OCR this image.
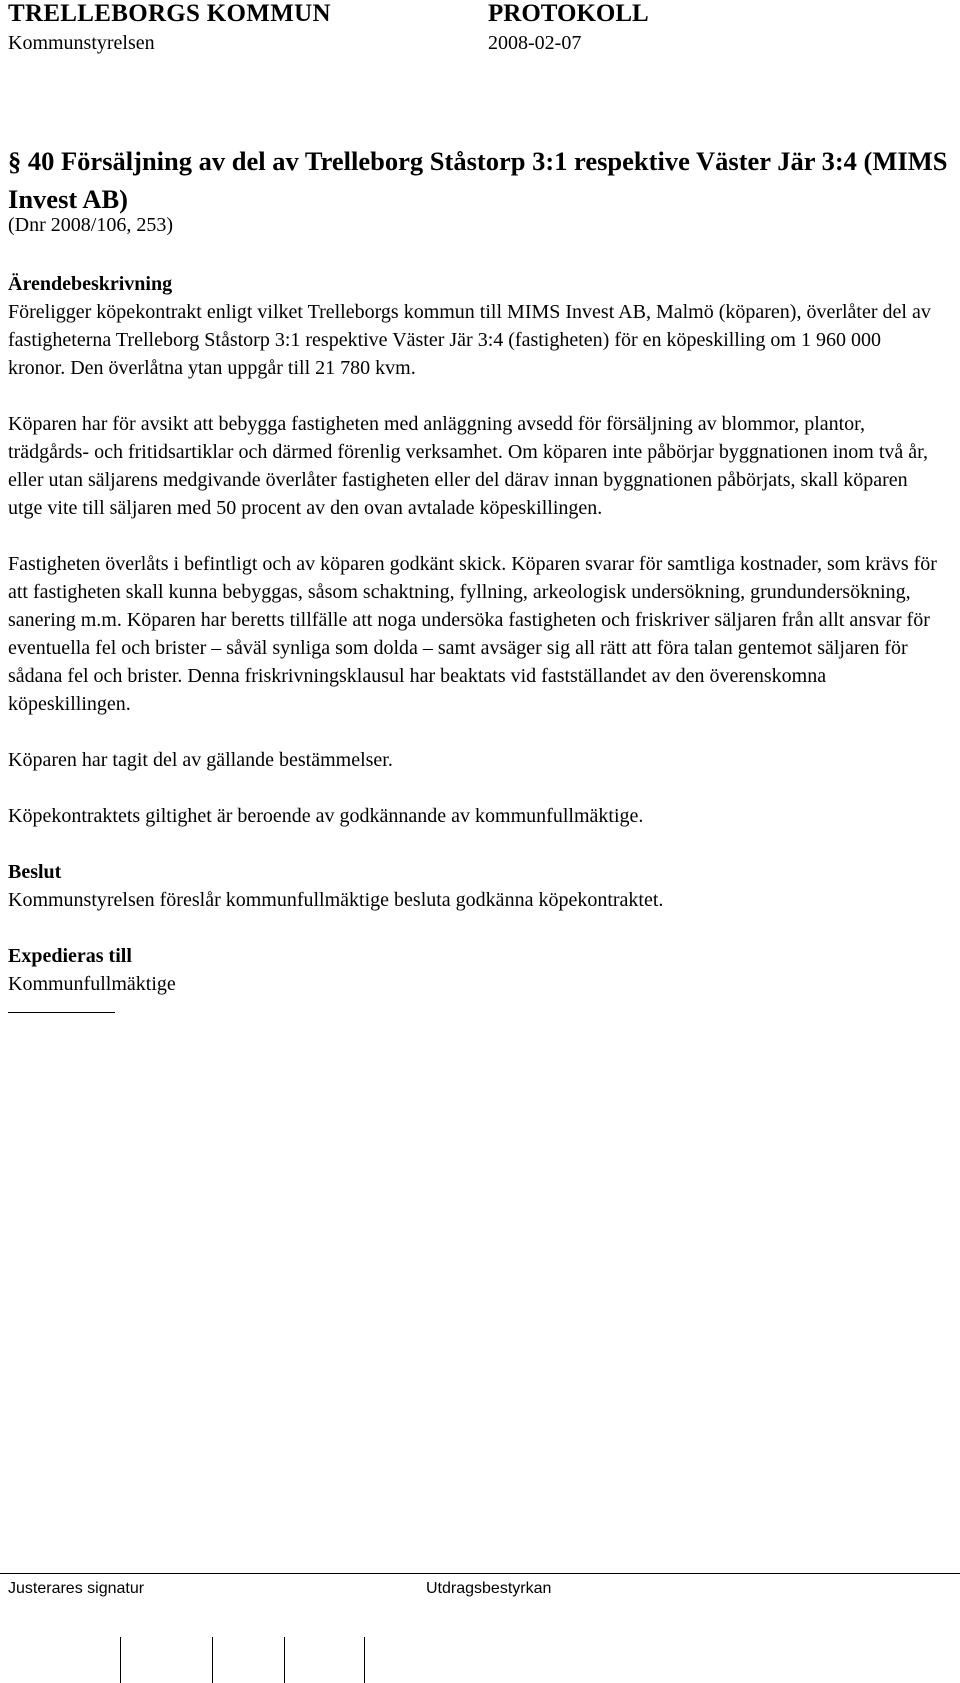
TRELLEBORGS KOMMUN	PROTOKOLL
Kommunstyrelsen	2008-02-07
§ 40 Försäljning av del av Trelleborg Ståstorp 3:1 respektive Väster Jär 3:4 (MIMS Invest AB)
(Dnr 2008/106, 253)
Ärendebeskrivning

Föreligger köpekontrakt enligt vilket Trelleborgs kommun till MIMS Invest AB, Malmö (köparen), överlåter del av fastigheterna Trelleborg Ståstorp 3:1 respektive Väster Jär 3:4 (fastigheten) för en köpeskilling om 1 960 000 kronor. Den överlåtna ytan uppgår till 21 780 kvm.

Köparen har för avsikt att bebygga fastigheten med anläggning avsedd för försäljning av blommor, plantor, trädgårds- och fritidsartiklar och därmed förenlig verksamhet. Om köparen inte påbörjar byggnationen inom två år, eller utan säljarens medgivande överlåter fastigheten eller del därav innan byggnationen påbörjats, skall köparen utge vite till säljaren med 50 procent av den ovan avtalade köpeskillingen.

Fastigheten överlåts i befintligt och av köparen godkänt skick. Köparen svarar för samtliga kostnader, som krävs för att fastigheten skall kunna bebyggas, såsom schaktning, fyllning, arkeologisk undersökning, grundundersökning, sanering m.m. Köparen har beretts tillfälle att noga undersöka fastigheten och friskriver säljaren från allt ansvar för eventuella fel och brister – såväl synliga som dolda – samt avsäger sig all rätt att föra talan gentemot säljaren för sådana fel och brister. Denna friskrivningsklausul har beaktats vid fastställandet av den överenskomna köpeskillingen.

Köparen har tagit del av gällande bestämmelser.

Köpekontraktets giltighet är beroende av godkännande av kommunfullmäktige.

Beslut

Kommunstyrelsen föreslår kommunfullmäktige besluta godkänna köpekontraktet.

Expedieras till

Kommunfullmäktige

Justerares signatur	Utdragsbestyrkan
